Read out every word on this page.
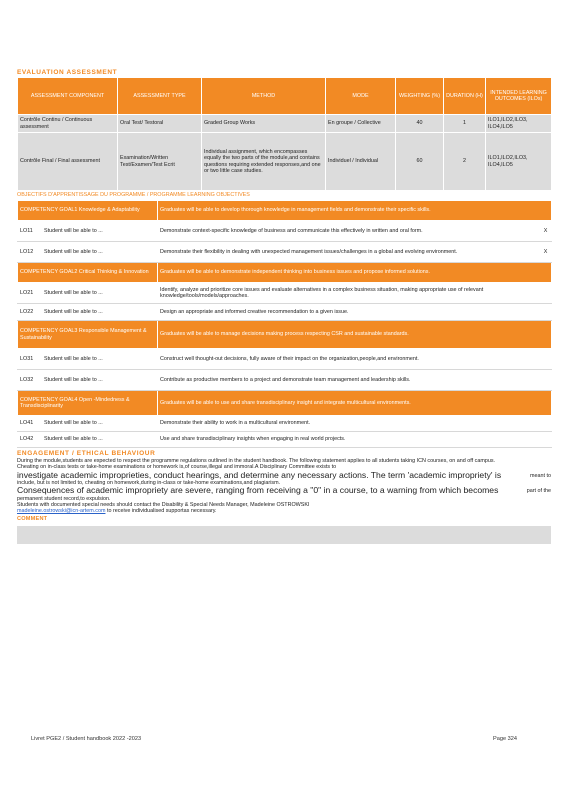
EVALUATION ASSESSMENT
ASSESSMENT COMPONENT	ASSESSMENT TYPE	METHOD	MODE	WEIGHTING (%)	DURATION (H)	INTENDED LEARNING OUTCOMES (ILOs)
Contrôle Continu / Continuous assessment	Oral Test/ Testoral	Graded Group Works	En groupe / Collective	40	1	ILO1,ILO2,ILO3, ILO4,ILO5
Contrôle Final / Final assessment	Examination/Written Test/Examen/Test Ecrit	Individual assignment, which encompasses equally the two parts of the module,and contains questions requiring extended responses,and one or two little case studies.	Individuel / Individual	60	2	ILO1,ILO2,ILO3, ILO4,ILO5
OBJECTIFS D'APPRENTISSAGE DU PROGRAMME / PROGRAMME LEARNING OBJECTIVES
COMPETENCY GOAL1 Knowledge & Adaptability		Graduates will be able to develop thorough knowledge in management fields and demonstrate their specific skills.	
LO11	Student will be able to ...	Demonstrate context-specific knowledge of business and communicate this effectively in written and oral form.	X
LO12	Student will be able to ...	Demonstrate their flexibility in dealing with unexpected management issues/challenges in a global and evolving environment.	X
COMPETENCY GOAL2 Critical Thinking & Innovation		Graduates will be able to demonstrate independent thinking into business issues and propose informed solutions.	
LO21	Student will be able to ...	Identify, analyze and prioritize core issues and evaluate alternatives in a complex business situation, making appropriate use of relevant knowledge/tools/models/approaches.	
LO22	Student will be able to ...	Design an appropriate and informed creative recommendation to a given issue.	
COMPETENCY GOAL3 Responsible Management & Sustainability		Graduates will be able to manage decisions making process respecting CSR and sustainable standards.	
LO31	Student will be able to ...	Construct well thought-out decisions, fully aware of their impact on the organization,people,and environment.	
LO32	Student will be able to ...	Contribute as productive members to a project and demonstrate team management and leadership skills.	
COMPETENCY GOAL4 Open -Mindedness & Transdisciplinarity		Graduates will be able to use and share transdisciplinary insight and integrate multicultural environments.	
LO41	Student will be able to ...	Demonstrate their ability to work in a multicultural environment.	
LO42	Student will be able to ...	Use and share transdisciplinary insights when engaging in real world projects.	
ENGAGEMENT / ETHICAL BEHAVIOUR
During the module,students are expected to respect the programme regulations outlined in the student handbook. The following statement applies to all students taking ICN courses, on and off campus.
Cheating on in-class tests or take-home examinations or homework is,of course,illegal and immoral.A Disciplinary Committee exists to
investigate academic improprieties, conduct hearings, and determine any necessary actions. The term 'academic impropriety' is	meant to
include, but is not limited to, cheating on homework,during in-class or take-home examinations,and plagiarism.
Consequences of academic impropriety are severe, ranging from receiving a "0" in a course, to a warning from which becomes	part of the
permanent student record,to expulsion.
Students with documented special needs should contact the Disability & Special Needs Manager, Madeleine OSTROWSKI
madeleine.ostrowski@icn-artem.com to receive individualised supportas necessary.
COMMENT
Livret PGE2 / Student handbook 2022 -2023	Page 324
